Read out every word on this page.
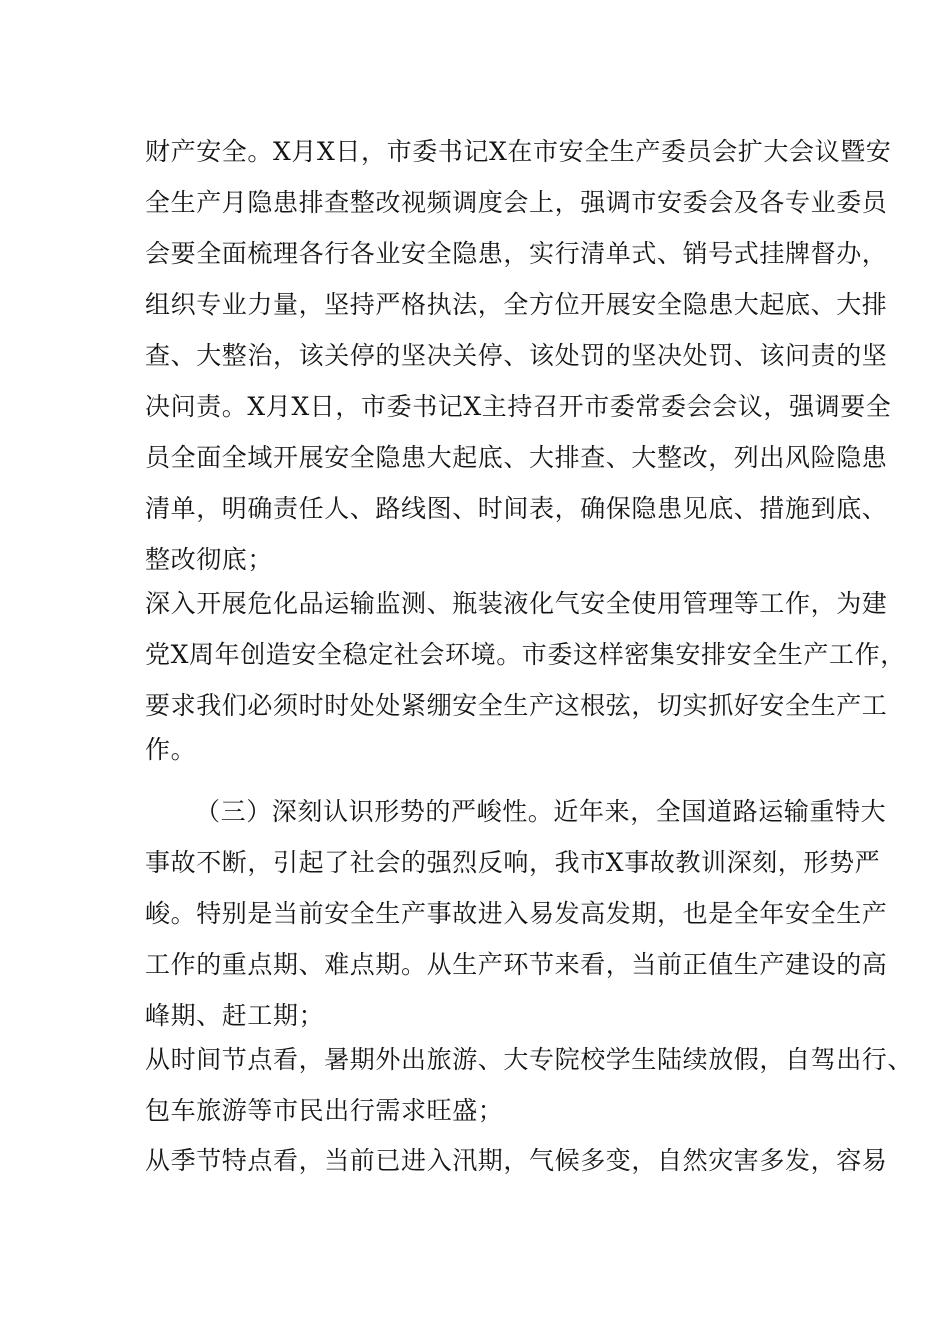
财产安全。X月X日，市委书记X在市安全生产委员会扩大会议暨安
全生产月隐患排查整改视频调度会上，强调市安委会及各专业委员
会要全面梳理各行各业安全隐患，实行清单式、销号式挂牌督办，
组织专业力量，坚持严格执法，全方位开展安全隐患大起底、大排
查、大整治，该关停的坚决关停、该处罚的坚决处罚、该问责的坚
决问责。X月X日，市委书记X主持召开市委常委会会议，强调要全
员全面全域开展安全隐患大起底、大排查、大整改，列出风险隐患
清单，明确责任人、路线图、时间表，确保隐患见底、措施到底、
整改彻底；
深入开展危化品运输监测、瓶装液化气安全使用管理等工作，为建
党X周年创造安全稳定社会环境。市委这样密集安排安全生产工作，
要求我们必须时时处处紧绷安全生产这根弦，切实抓好安全生产工
作。
（三）深刻认识形势的严峻性。近年来，全国道路运输重特大
事故不断，引起了社会的强烈反响，我市X事故教训深刻，形势严
峻。特别是当前安全生产事故进入易发高发期，也是全年安全生产
工作的重点期、难点期。从生产环节来看，当前正值生产建设的高
峰期、赶工期；
从时间节点看，暑期外出旅游、大专院校学生陆续放假，自驾出行、
包车旅游等市民出行需求旺盛；
从季节特点看，当前已进入汛期，气候多变，自然灾害多发，容易
